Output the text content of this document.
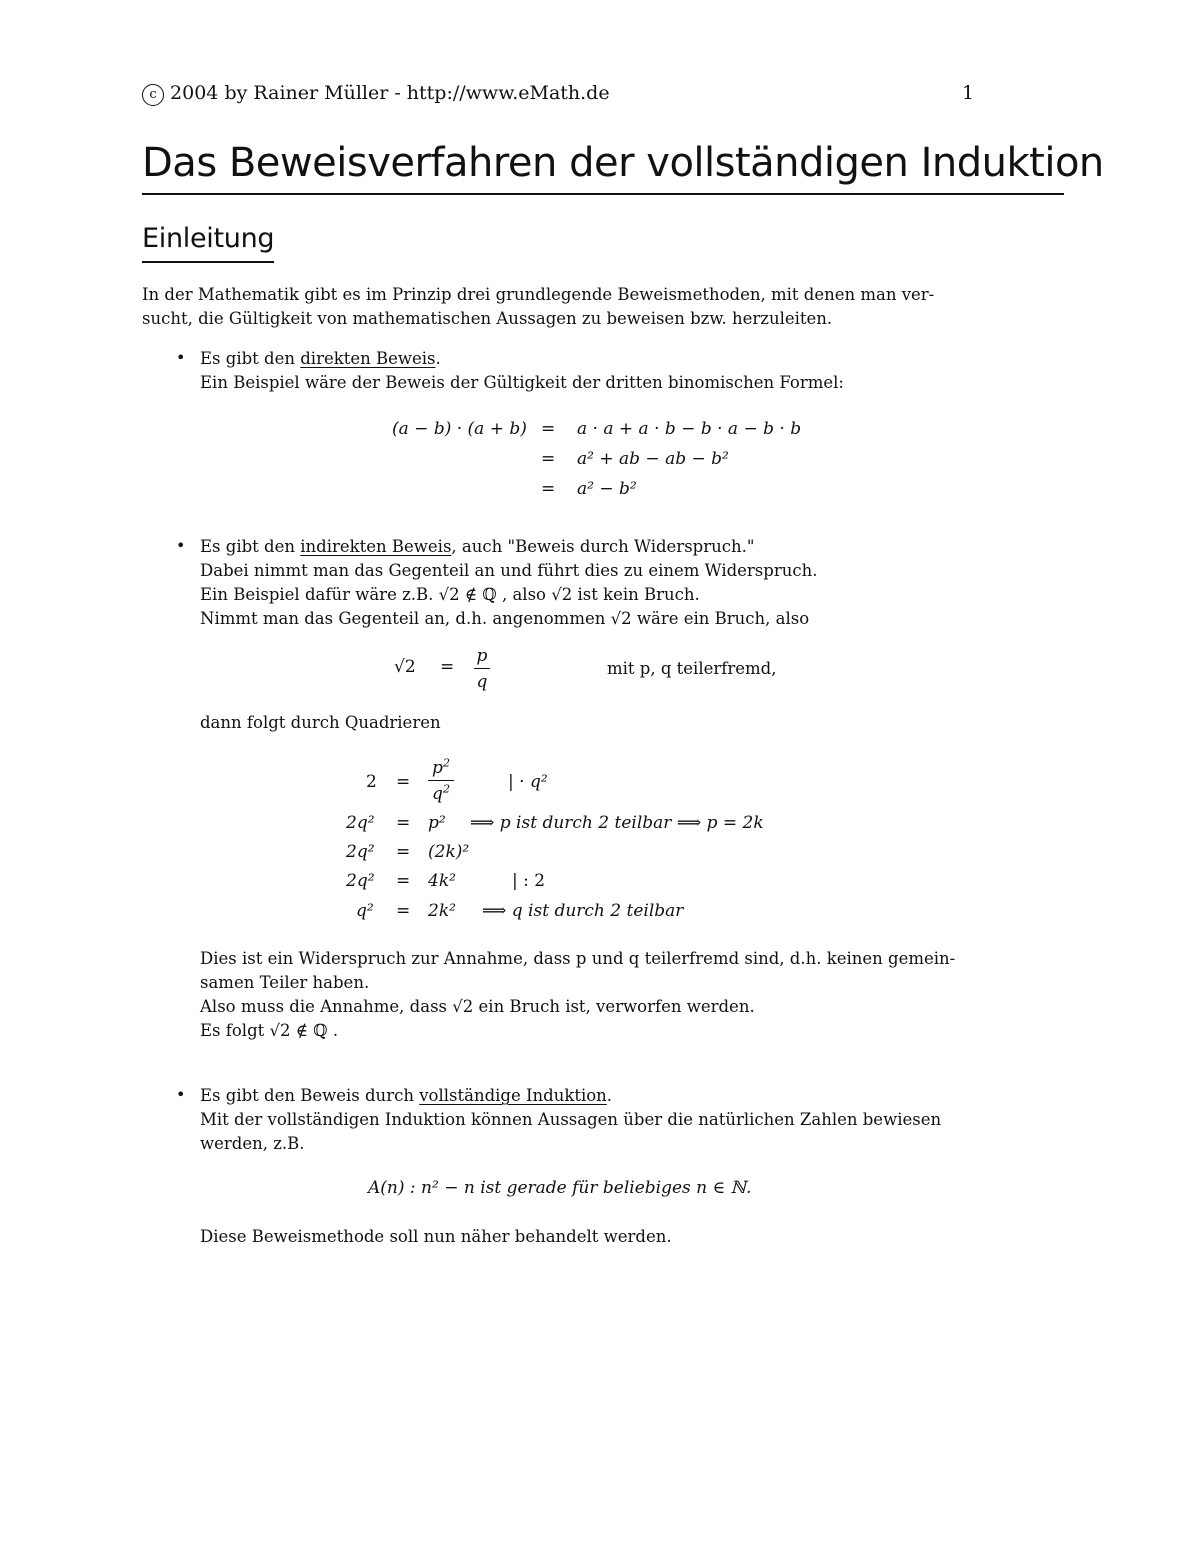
c 2004 by Rainer Müller - http://www.eMath.de	1
Das Beweisverfahren der vollständigen Induktion
Einleitung
In der Mathematik gibt es im Prinzip drei grundlegende Beweismethoden, mit denen man ver-
sucht, die Gültigkeit von mathematischen Aussagen zu beweisen bzw. herzuleiten.
• Es gibt den direkten Beweis.
Ein Beispiel wäre der Beweis der Gültigkeit der dritten binomischen Formel:
(a − b) · (a + b) = a · a + a · b − b · a − b · b
= a² + ab − ab − b²
= a² − b²
• Es gibt den indirekten Beweis, auch "Beweis durch Widerspruch."
Dabei nimmt man das Gegenteil an und führt dies zu einem Widerspruch.
Ein Beispiel dafür wäre z.B. √2 ∉ ℚ , also √2 ist kein Bruch.
Nimmt man das Gegenteil an, d.h. angenommen √2 wäre ein Bruch, also
√2 =
p
q
mit p, q teilerfremd,
dann folgt durch Quadrieren
2 =
$p^2$
$q^2$	| · q²
2q² = p² ⟹ p ist durch 2 teilbar ⟹ p = 2k
2q² = (2k)²
2q² = 4k²	| : 2
q² = 2k² ⟹ q ist durch 2 teilbar
Dies ist ein Widerspruch zur Annahme, dass p und q teilerfremd sind, d.h. keinen gemein-
samen Teiler haben.
Also muss die Annahme, dass √2 ein Bruch ist, verworfen werden.
Es folgt √2 ∉ ℚ .
• Es gibt den Beweis durch vollständige Induktion.
Mit der vollständigen Induktion können Aussagen über die natürlichen Zahlen bewiesen
werden, z.B.
A(n) : n² − n ist gerade für beliebiges n ∈ ℕ.
Diese Beweismethode soll nun näher behandelt werden.
